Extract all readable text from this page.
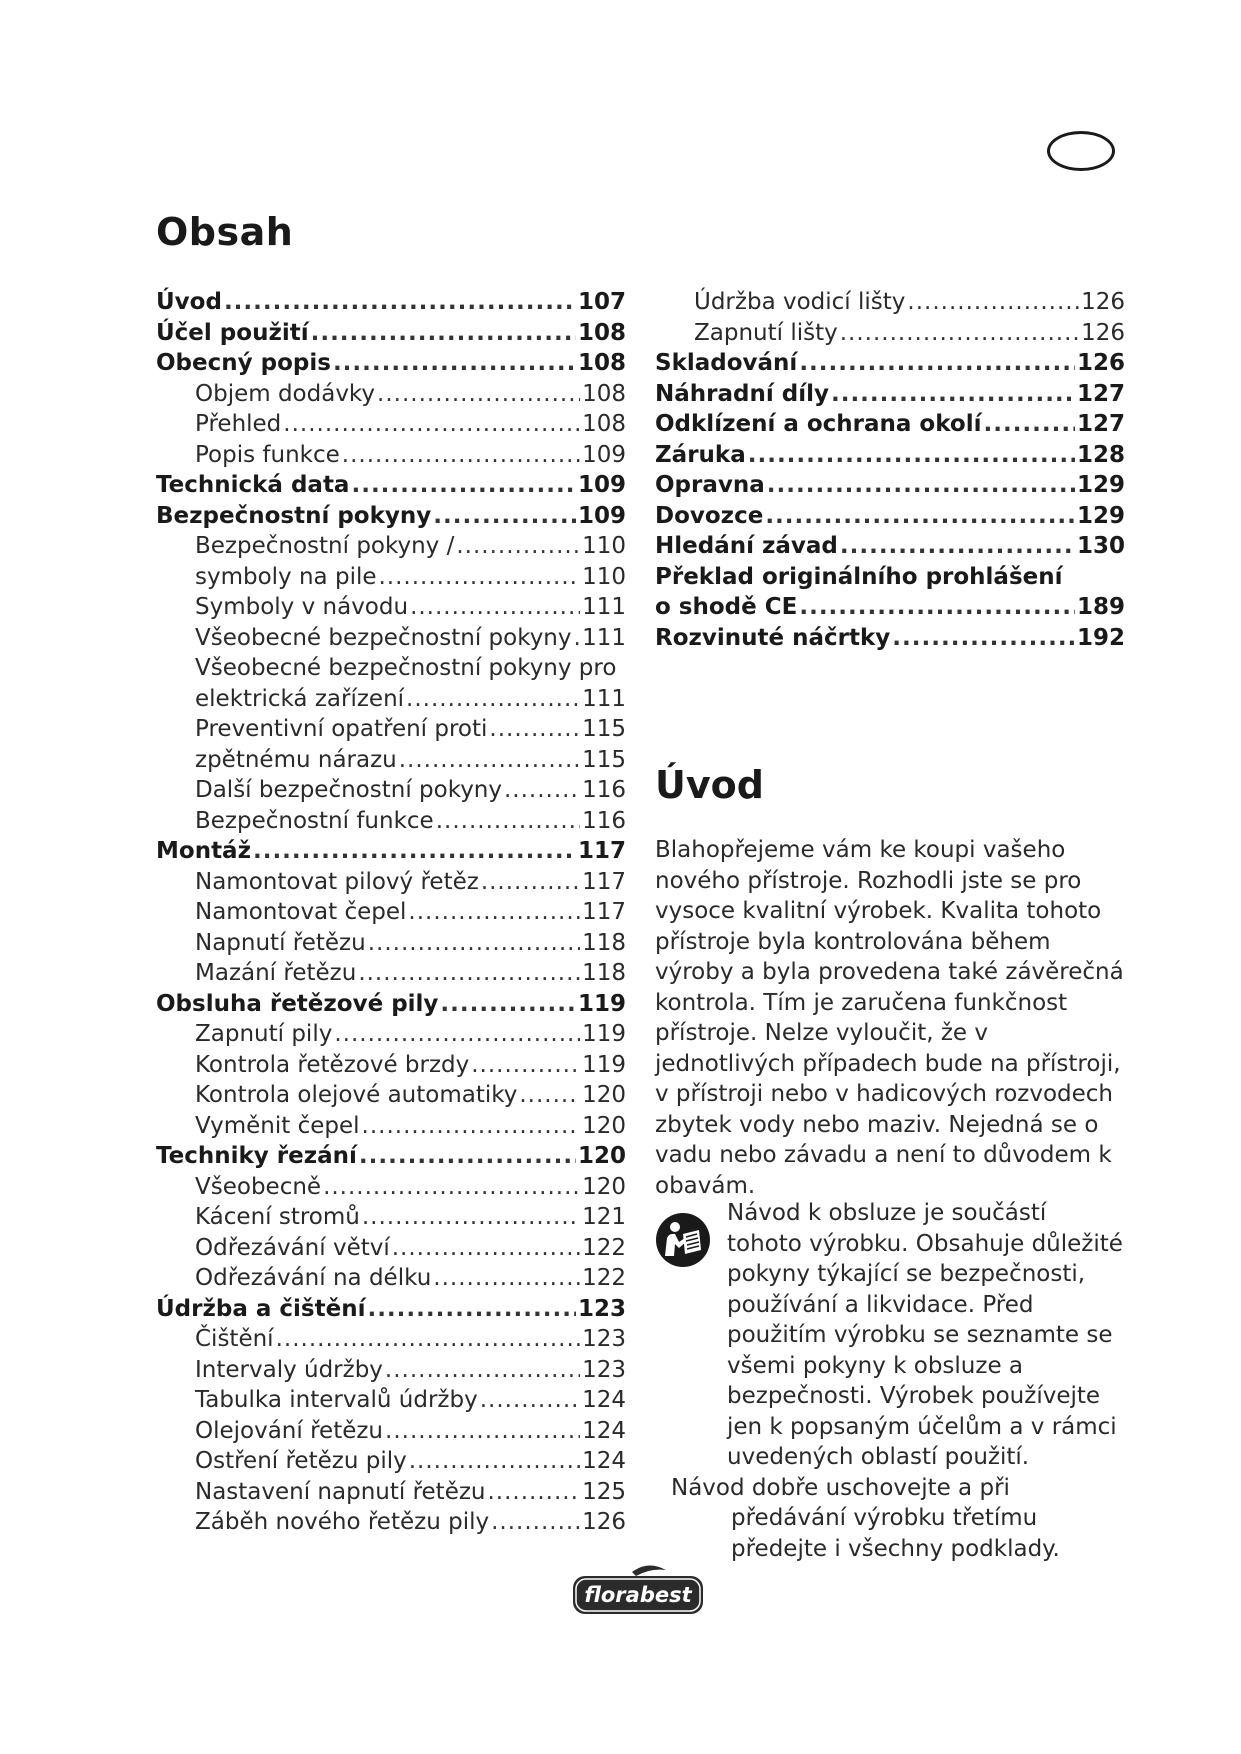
Obsah
Úvod .....	107
Účel použití .....	108
Obecný popis .....	108
Objem dodávky .....	108
Přehled .....	108
Popis funkce .....	109
Technická data .....	109
Bezpečnostní pokyny .....	109
Bezpečnostní pokyny / .....	110
symboly na pile .....	110
Symboly v návodu .....	111
Všeobecné bezpečnostní pokyny ..... 111
Všeobecné bezpečnostní pokyny pro
elektrická zařízení .....	111
Preventivní opatření proti .....	115
zpětnému nárazu .....	115
Další bezpečnostní pokyny .....	116
Bezpečnostní funkce .....	116
Montáž .....	117
Namontovat pilový řetěz .....	117
Namontovat čepel .....	117
Napnutí řetězu .....	118
Mazání řetězu .....	118
Obsluha řetězové pily .....	119
Zapnutí pily .....	119
Kontrola řetězové brzdy .....	119
Kontrola olejové automatiky .....	120
Vyměnit čepel .....	120
Techniky řezání .....	120
Všeobecně .....	120
Kácení stromů .....	121
Odřezávání větví .....	122
Odřezávání na délku .....	122
Údržba a čištění .....	123
Čištění .....	123
Intervaly údržby .....	123
Tabulka intervalů údržby .....	124
Olejování řetězu .....	124
Ostření řetězu pily .....	124
Nastavení napnutí řetězu .....	125
Záběh nového řetězu pily .....	126
Údržba vodicí lišty .....	126
Zapnutí lišty .....	126
Skladování .....	126
Náhradní díly .....	127
Odklízení a ochrana okolí .....	127
Záruka .....	128
Opravna .....	129
Dovozce .....	129
Hledání závad .....	130
Překlad originálního prohlášení
o shodě CE .....	189
Rozvinuté náčrtky .....	192
Úvod

Blahopřejeme vám ke koupi vašeho nového přístroje. Rozhodli jste se pro vysoce kvalitní výrobek. Kvalita tohoto přístroje byla kontrolována během výroby a byla provedena také závěrečná kontrola. Tím je zaručena funkčnost přístroje. Nelze vyloučit, že v jednotlivých případech bude na přístroji, v přístroji nebo v hadicových rozvodech zbytek vody nebo maziv. Nejedná se o vadu nebo závadu a není to důvodem k obavám.

Návod k obsluze je součástí tohoto výrobku. Obsahuje důležité pokyny týkající se bezpečnosti, používání a likvidace. Před použitím výrobku se seznamte se všemi pokyny k obsluze a bezpečnosti. Výrobek používejte jen k popsaným účelům a v rámci uvedených oblastí použití.

Návod dobře uschovejte a při
předávání výrobku třetímu předejte i všechny podklady.

florabest
